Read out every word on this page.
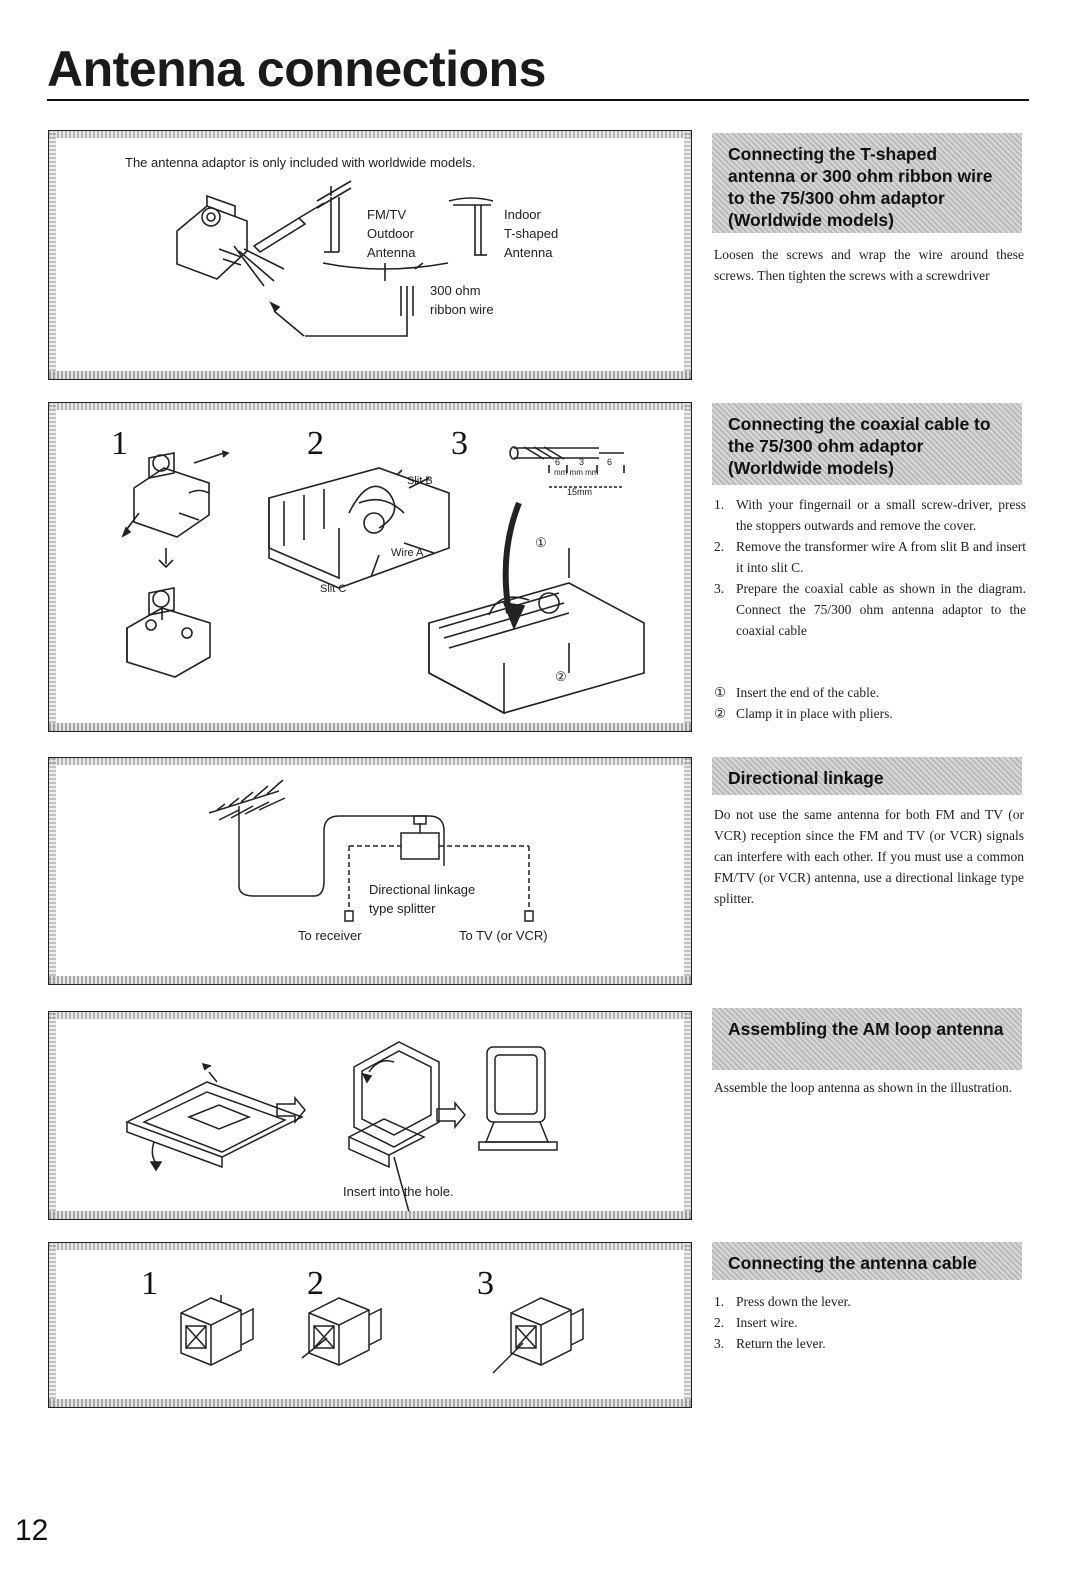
Antenna connections
The antenna adaptor is only included with worldwide models.
FM/TV
Outdoor
Antenna
Indoor
T-shaped
Antenna
300 ohm
ribbon wire
1	2	3
Slit B
Wire A
Slit C
6 3	6
mm mm mm
15mm
①
②
Directional linkage
type splitter
To receiver	To TV (or VCR)
Insert into the hole.
1	2	3
Connecting the T-shaped antenna or 300 ohm ribbon wire to the 75/300 ohm adaptor (Worldwide models)

Loosen the screws and wrap the wire around these screws. Then tighten the screws with a screwdriver

Connecting the coaxial cable to the 75/300 ohm adaptor (Worldwide models)
1. With your fingernail or a small screw-driver, press the stoppers outwards and remove the cover.
2. Remove the transformer wire A from slit B and insert it into slit C.
3. Prepare the coaxial cable as shown in the diagram. Connect the 75/300 ohm antenna adaptor to the coaxial cable
① Insert the end of the cable.
② Clamp it in place with pliers.
Directional linkage

Do not use the same antenna for both FM and TV (or VCR) reception since the FM and TV (or VCR) signals can interfere with each other. If you must use a common FM/TV (or VCR) antenna, use a directional linkage type splitter.

Assembling the AM loop antenna

Assemble the loop antenna as shown in the illustration.

Connecting the antenna cable
1. Press down the lever.
2. Insert wire.
3. Return the lever.
12
